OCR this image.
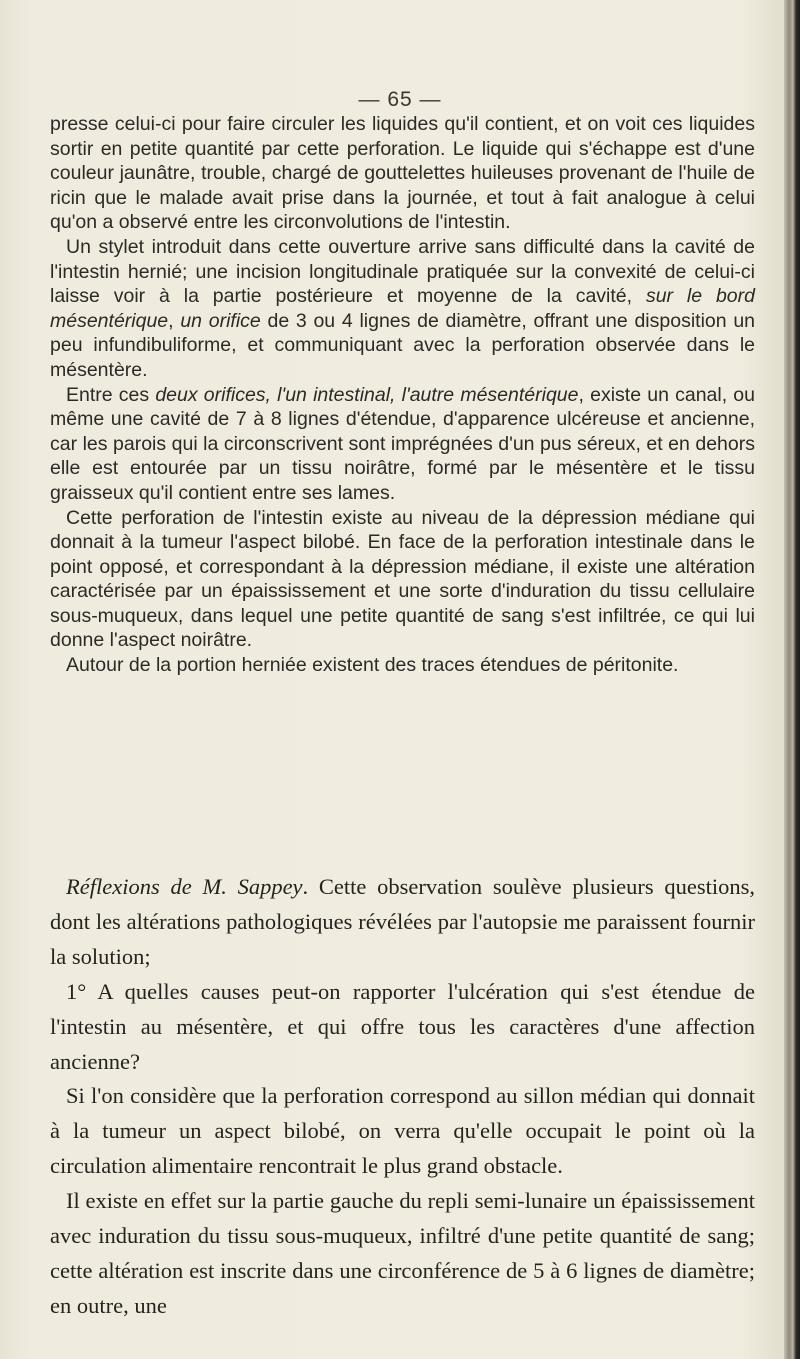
— 65 —

presse celui-ci pour faire circuler les liquides qu'il contient, et on voit ces liquides sortir en petite quantité par cette perforation. Le liquide qui s'échappe est d'une couleur jaunâtre, trouble, chargé de gouttelettes huileuses provenant de l'huile de ricin que le malade avait prise dans la journée, et tout à fait analogue à celui qu'on a observé entre les circonvolutions de l'intestin.

Un stylet introduit dans cette ouverture arrive sans difficulté dans la cavité de l'intestin hernié; une incision longitudinale pratiquée sur la convexité de celui-ci laisse voir à la partie postérieure et moyenne de la cavité, sur le bord mésentérique, un orifice de 3 ou 4 lignes de diamètre, offrant une disposition un peu infundibuliforme, et communiquant avec la perforation observée dans le mésentère.

Entre ces deux orifices, l'un intestinal, l'autre mésentérique, existe un canal, ou même une cavité de 7 à 8 lignes d'étendue, d'apparence ulcéreuse et ancienne, car les parois qui la circonscrivent sont imprégnées d'un pus séreux, et en dehors elle est entourée par un tissu noirâtre, formé par le mésentère et le tissu graisseux qu'il contient entre ses lames.

Cette perforation de l'intestin existe au niveau de la dépression médiane qui donnait à la tumeur l'aspect bilobé. En face de la perforation intestinale dans le point opposé, et correspondant à la dépression médiane, il existe une altération caractérisée par un épaississement et une sorte d'induration du tissu cellulaire sous-muqueux, dans lequel une petite quantité de sang s'est infiltrée, ce qui lui donne l'aspect noirâtre.

Autour de la portion herniée existent des traces étendues de péritonite.

Réflexions de M. Sappey. Cette observation soulève plusieurs questions, dont les altérations pathologiques révélées par l'autopsie me paraissent fournir la solution;

1° A quelles causes peut-on rapporter l'ulcération qui s'est étendue de l'intestin au mésentère, et qui offre tous les caractères d'une affection ancienne?

Si l'on considère que la perforation correspond au sillon médian qui donnait à la tumeur un aspect bilobé, on verra qu'elle occupait le point où la circulation alimentaire rencontrait le plus grand obstacle.

Il existe en effet sur la partie gauche du repli semi-lunaire un épaississement avec induration du tissu sous-muqueux, infiltré d'une petite quantité de sang; cette altération est inscrite dans une circonférence de 5 à 6 lignes de diamètre; en outre, une
